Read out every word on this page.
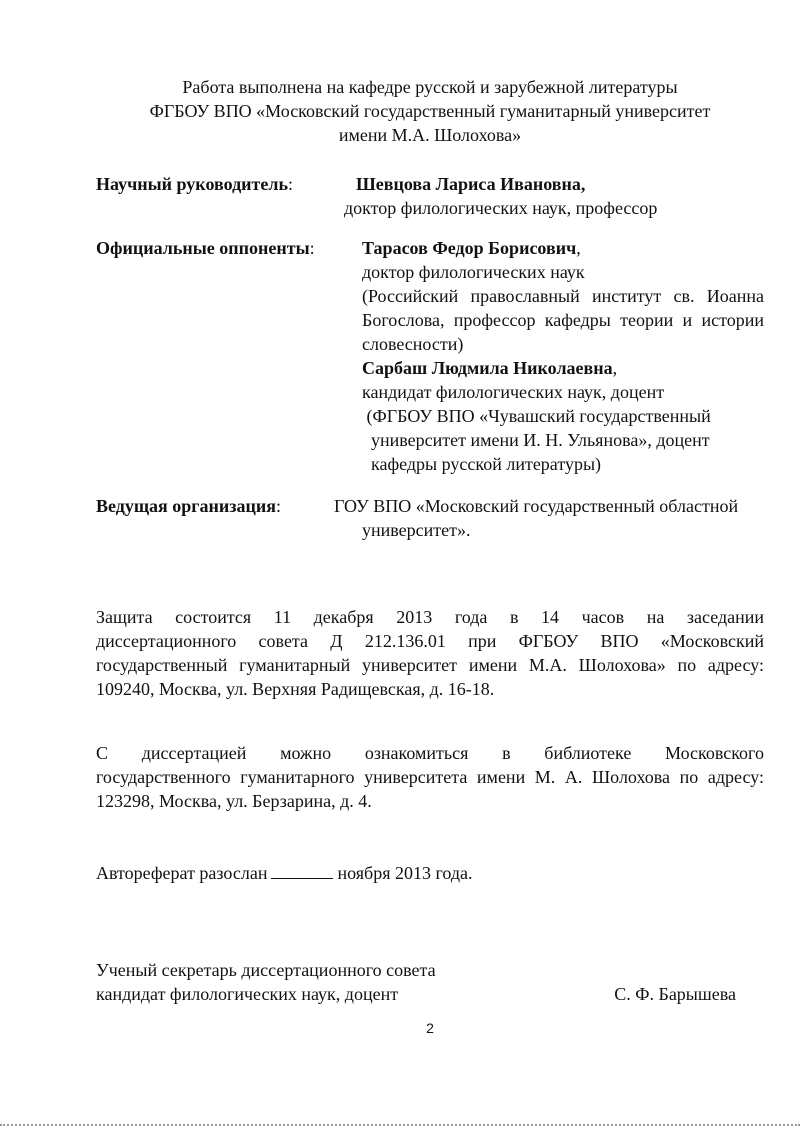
Работа выполнена на кафедре русской и зарубежной литературы
ФГБОУ ВПО «Московский государственный гуманитарный университет
имени М.А. Шолохова»
Научный руководитель:	Шевцова Лариса Ивановна,
доктор филологических наук, профессор
Официальные оппоненты:	Тарасов Федор Борисович,
доктор филологических наук
(Российский православный институт св. Иоанна
Богослова, профессор кафедры теории и истории
словесности)
Сарбаш Людмила Николаевна,
кандидат филологических наук, доцент
(ФГБОУ ВПО «Чувашский государственный
университет имени И. Н. Ульянова», доцент
кафедры русской литературы)
Ведущая организация:	ГОУ ВПО «Московский государственный областной
университет».
Защита состоится 11 декабря 2013 года в 14 часов на заседании
диссертационного совета Д 212.136.01 при ФГБОУ ВПО «Московский
государственный гуманитарный университет имени М.А. Шолохова» по адресу:
109240, Москва, ул. Верхняя Радищевская, д. 16-18.
С диссертацией можно ознакомиться в библиотеке Московского
государственного гуманитарного университета имени М. А. Шолохова по адресу:
123298, Москва, ул. Берзарина, д. 4.
Автореферат разослан	ноября 2013 года.
Ученый секретарь диссертационного совета
кандидат филологических наук, доцент	С. Ф. Барышева
2
